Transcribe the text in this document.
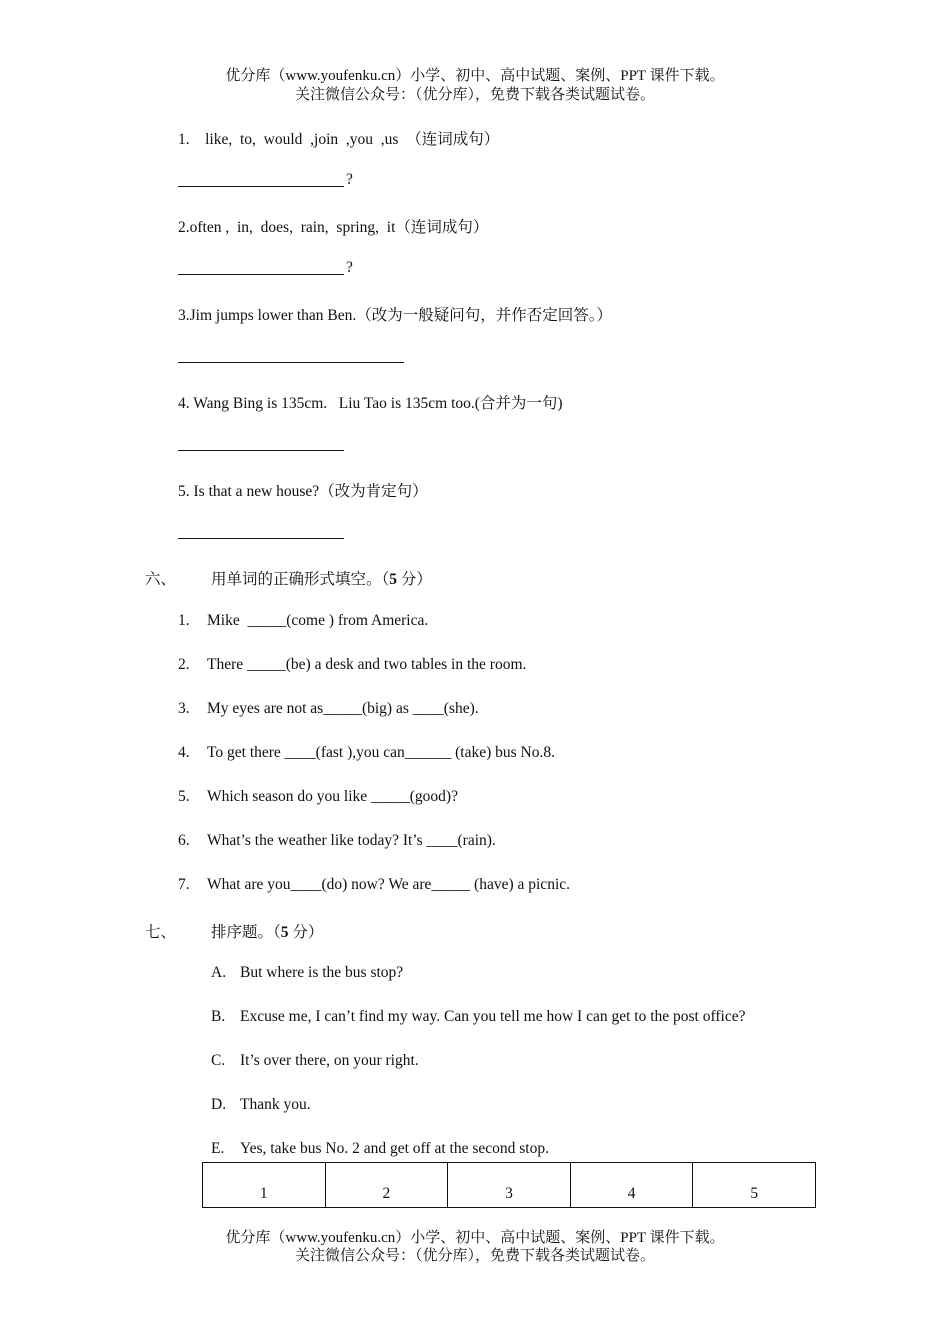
优分库（www.youfenku.cn）小学、初中、高中试题、案例、PPT 课件下载。
关注微信公众号：（优分库），免费下载各类试题试卷。
1.    like,  to,  would  ,join  ,you  ,us  （连词成句）
?
2.often ,  in,  does,  rain,  spring,  it（连词成句）
?
3.Jim jumps lower than Ben.（改为一般疑问句，并作否定回答。）
4. Wang Bing is 135cm.   Liu Tao is 135cm too.(合并为一句)
5. Is that a new house?（改为肯定句）
六、 用单词的正确形式填空。（5 分）
1. Mike  _____(come ) from America.
2. There _____(be) a desk and two tables in the room.
3. My eyes are not as_____(big) as ____(she).
4. To get there ____(fast ),you can______ (take) bus No.8.
5. Which season do you like _____(good)?
6. What’s the weather like today? It’s ____(rain).
7. What are you____(do) now? We are_____ (have) a picnic.
七、 排序题。（5 分）
A. But where is the bus stop?
B. Excuse me, I can’t find my way. Can you tell me how I can get to the post office?
C. It’s over there, on your right.
D. Thank you.
E. Yes, take bus No. 2 and get off at the second stop.
1	2	3	4	5
优分库（www.youfenku.cn）小学、初中、高中试题、案例、PPT 课件下载。
关注微信公众号：（优分库），免费下载各类试题试卷。
